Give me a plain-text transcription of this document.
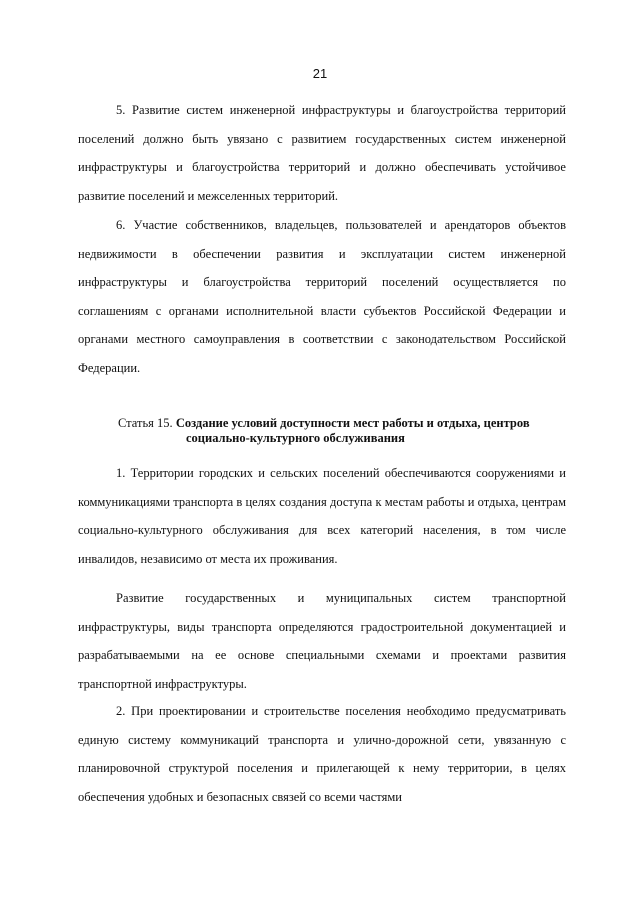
21

5. Развитие систем инженерной инфраструктуры и благоустройства территорий поселений должно быть увязано с развитием государственных систем инженерной инфраструктуры и благоустройства территорий и должно обеспечивать устойчивое развитие поселений и межселенных территорий.

6. Участие собственников, владельцев, пользователей и арендаторов объектов недвижимости в обеспечении развития и эксплуатации систем инженерной инфраструктуры и благоустройства территорий поселений осуществляется по соглашениям с органами исполнительной власти субъектов Российской Федерации и органами местного самоуправления в соответствии с законодательством Российской Федерации.

Статья 15. Создание условий доступности мест работы и отдыха, центров
социально-культурного обслуживания

1. Территории городских и сельских поселений обеспечиваются сооружениями и коммуникациями транспорта в целях создания доступа к местам работы и отдыха, центрам социально-культурного обслуживания для всех категорий населения, в том числе инвалидов, независимо от места их проживания.

Развитие государственных и муниципальных систем транспортной инфраструктуры, виды транспорта определяются градостроительной документацией и разрабатываемыми на ее основе специальными схемами и проектами развития транспортной инфраструктуры.

2. При проектировании и строительстве поселения необходимо предусматривать единую систему коммуникаций транспорта и улично-дорожной сети, увязанную с планировочной структурой поселения и прилегающей к нему территории, в целях обеспечения удобных и безопасных связей со всеми частями
